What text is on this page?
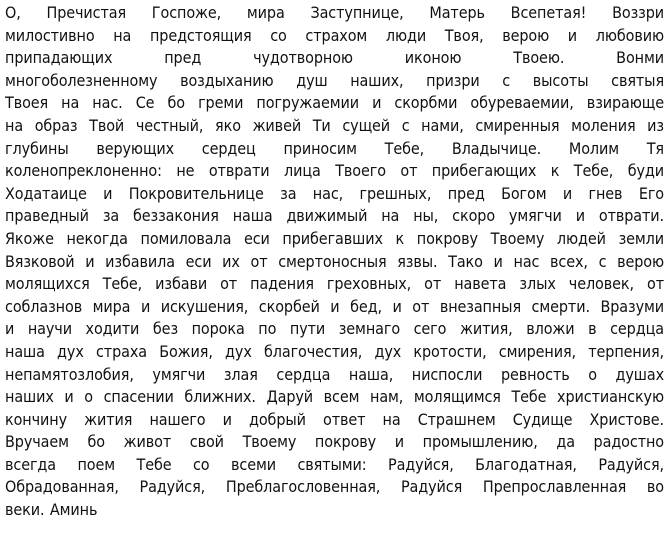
О, Пречистая Госпоже, мира Заступнице, Матерь Всепетая! Воззри
милостивно на предстоящия со страхом люди Твоя, верою и любовию
припадающих пред чудотворною иконою Твоею. Вонми
многоболезненному воздыханию душ наших, призри с высоты святыя
Твоея на нас. Се бо греми погружаемии и скорбми обуреваемии, взирающе
на образ Твой честный, яко живей Ти сущей с нами, смиренныя моления из
глубины верующих сердец приносим Тебе, Владычице. Молим Тя
коленопреклоненно: не отврати лица Твоего от прибегающих к Тебе, буди
Ходатаице и Покровительнице за нас, грешных, пред Богом и гнев Его
праведный за беззакония наша движимый на ны, скоро умягчи и отврати.
Якоже некогда помиловала еси прибегавших к покрову Твоему людей земли
Вязковой и избавила еси их от смертоносныя язвы. Тако и нас всех, с верою
молящихся Тебе, избави от падения греховных, от навета злых человек, от
соблазнов мира и искушения, скорбей и бед, и от внезапныя смерти. Вразуми
и научи ходити без порока по пути земнаго сего жития, вложи в сердца
наша дух страха Божия, дух благочестия, дух кротости, смирения, терпения,
непамятозлобия, умягчи злая сердца наша, ниспосли ревность о душах
наших и о спасении ближних. Даруй всем нам, молящимся Тебе христианскую
кончину жития нашего и добрый ответ на Страшнем Судище Христове.
Вручаем бо живот свой Твоему покрову и промышлению, да радостно
всегда поем Тебе со всеми святыми: Радуйся, Благодатная, Радуйся,
Обрадованная, Радуйся, Преблагословенная, Радуйся Препрославленная во
веки. Аминь
